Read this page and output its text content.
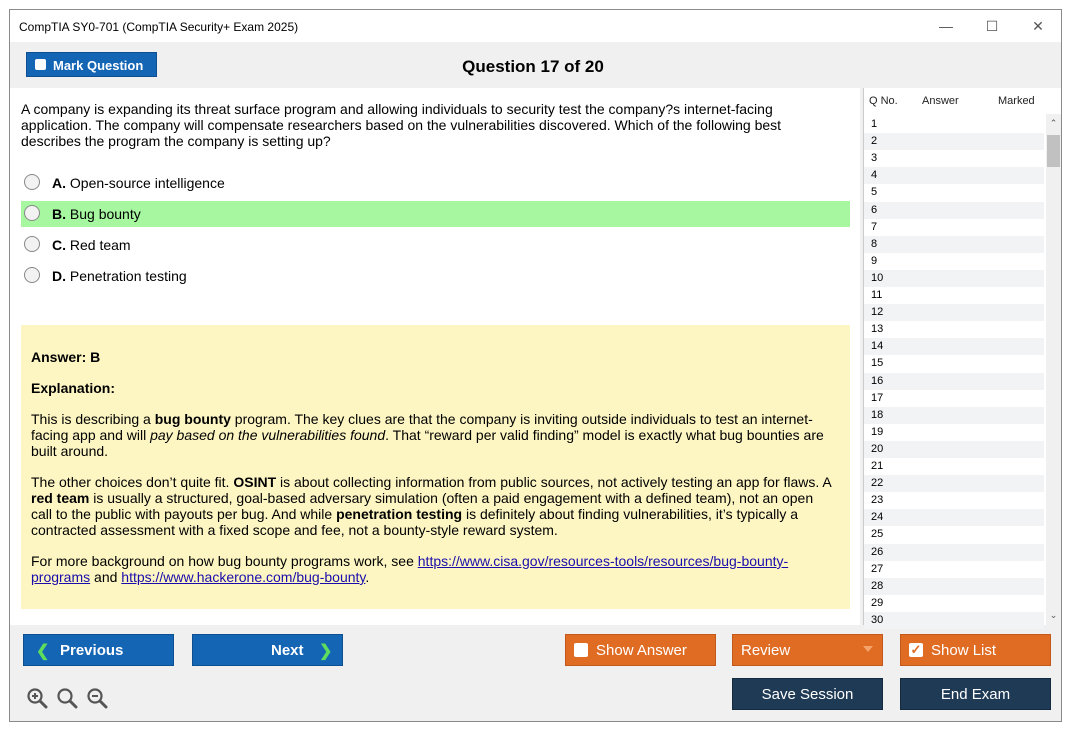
CompTIA SY0-701 (CompTIA Security+ Exam 2025)	—	☐	✕
Mark Question	Question 17 of 20
A company is expanding its threat surface program and allowing individuals to security test the company?s internet-facing application. The company will compensate researchers based on the vulnerabilities discovered. Which of the following best describes the program the company is setting up?
A. Open-source intelligence
B. Bug bounty
C. Red team
D. Penetration testing

Answer: B

Explanation:

This is describing a bug bounty program. The key clues are that the company is inviting outside individuals to test an internet-facing app and will pay based on the vulnerabilities found. That “reward per valid finding” model is exactly what bug bounties are built around.

The other choices don’t quite fit. OSINT is about collecting information from public sources, not actively testing an app for flaws. A red team is usually a structured, goal-based adversary simulation (often a paid engagement with a defined team), not an open call to the public with payouts per bug. And while penetration testing is definitely about finding vulnerabilities, it’s typically a contracted assessment with a fixed scope and fee, not a bounty-style reward system.

For more background on how bug bounty programs work, see https://www.cisa.gov/resources-tools/resources/bug-bounty-programs and https://www.hackerone.com/bug-bounty.

Q No. Answer	Marked
1
2
3
4
5
6
7
8
9
10
11
12
13
14
15
16
17
18
19
20
21
22
23
24
25
26
27
28
29
30
⌃
⌄
❮ Previous	Next ❯	Show Answer	Review	✓ Show List
Save Session	End Exam
